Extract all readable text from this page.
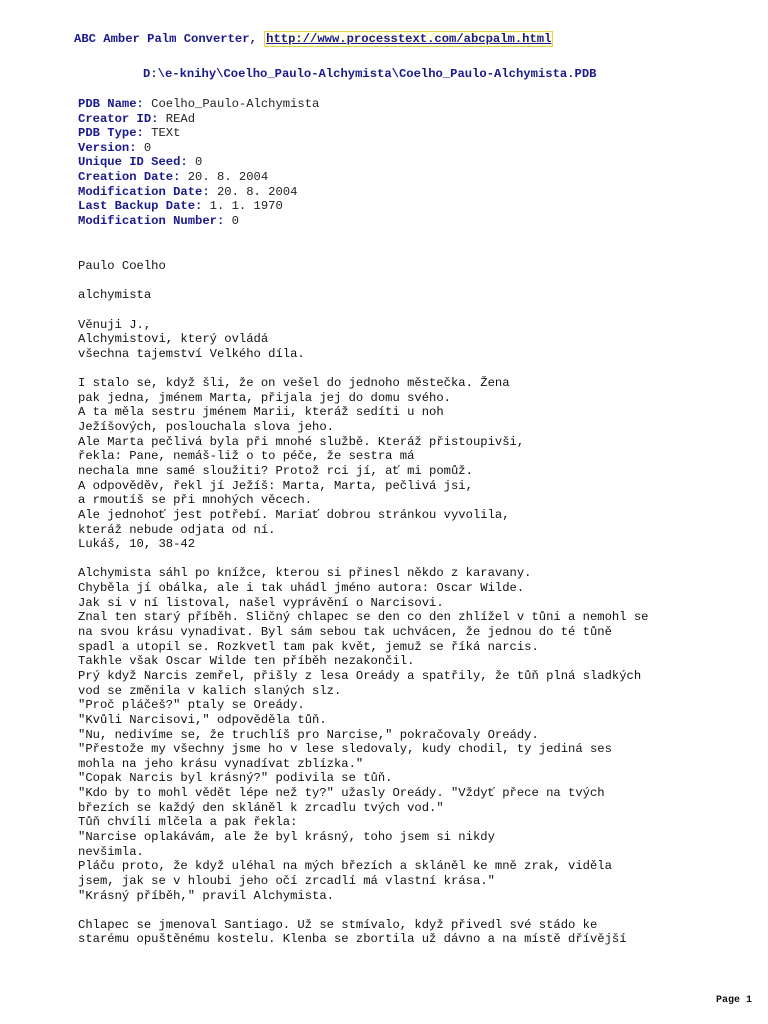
ABC Amber Palm Converter, http://www.processtext.com/abcpalm.html
D:\e-knihy\Coelho_Paulo-Alchymista\Coelho_Paulo-Alchymista.PDB
PDB Name: Coelho_Paulo-Alchymista
Creator ID: REAd
PDB Type: TEXt
Version: 0
Unique ID Seed: 0
Creation Date: 20. 8. 2004
Modification Date: 20. 8. 2004
Last Backup Date: 1. 1. 1970
Modification Number: 0
Paulo Coelho
alchymista
Věnuji J.,
Alchymistovi, který ovládá
všechna tajemství Velkého díla.
I stalo se, když šli, že on vešel do jednoho městečka. Žena
pak jedna, jménem Marta, přijala jej do domu svého.
A ta měla sestru jménem Marii, kteráž sedíti u noh
Ježíšových, poslouchala slova jeho.
Ale Marta pečlivá byla při mnohé službě. Kteráž přistoupivši,
řekla: Pane, nemáš-liž o to péče, že sestra má
nechala mne samé sloužiti? Protož rci jí, ať mi pomůž.
A odpověděv, řekl jí Ježíš: Marta, Marta, pečlivá jsi,
a rmoutíš se při mnohých věcech.
Ale jednohoť jest potřebí. Mariať dobrou stránkou vyvolila,
kteráž nebude odjata od ní.
Lukáš, 10, 38-42
Alchymista sáhl po knížce, kterou si přinesl někdo z karavany.
Chyběla jí obálka, ale i tak uhádl jméno autora: Oscar Wilde.
Jak si v ní listoval, našel vyprávění o Narcisovi.
Znal ten starý příběh. Sličný chlapec se den co den zhlížel v tůni a nemohl se
na svou krásu vynadivat. Byl sám sebou tak uchvácen, že jednou do té tůně
spadl a utopil se. Rozkvetl tam pak květ, jemuž se říká narcis.
Takhle však Oscar Wilde ten příběh nezakončil.
Prý když Narcis zemřel, přišly z lesa Oreády a spatřily, že tůň plná sladkých
vod se změnila v kalich slaných slz.
"Proč pláčeš?" ptaly se Oreády.
"Kvůli Narcisovi," odpověděla tůň.
"Nu, nedivíme se, že truchlíš pro Narcise," pokračovaly Oreády.
"Přestože my všechny jsme ho v lese sledovaly, kudy chodil, ty jediná ses
mohla na jeho krásu vynadívat zblízka."
"Copak Narcis byl krásný?" podivila se tůň.
"Kdo by to mohl vědět lépe než ty?" užasly Oreády. "Vždyť přece na tvých
březích se každý den skláněl k zrcadlu tvých vod."
Tůň chvíli mlčela a pak řekla:
"Narcise oplakávám, ale že byl krásný, toho jsem si nikdy
nevšimla.
Pláču proto, že když uléhal na mých březích a skláněl ke mně zrak, viděla
jsem, jak se v hloubi jeho očí zrcadlí má vlastní krása."
"Krásný příběh," pravil Alchymista.
Chlapec se jmenoval Santiago. Už se stmívalo, když přivedl své stádo ke
starému opuštěnému kostelu. Klenba se zbortila už dávno a na místě dřívější
Page 1
